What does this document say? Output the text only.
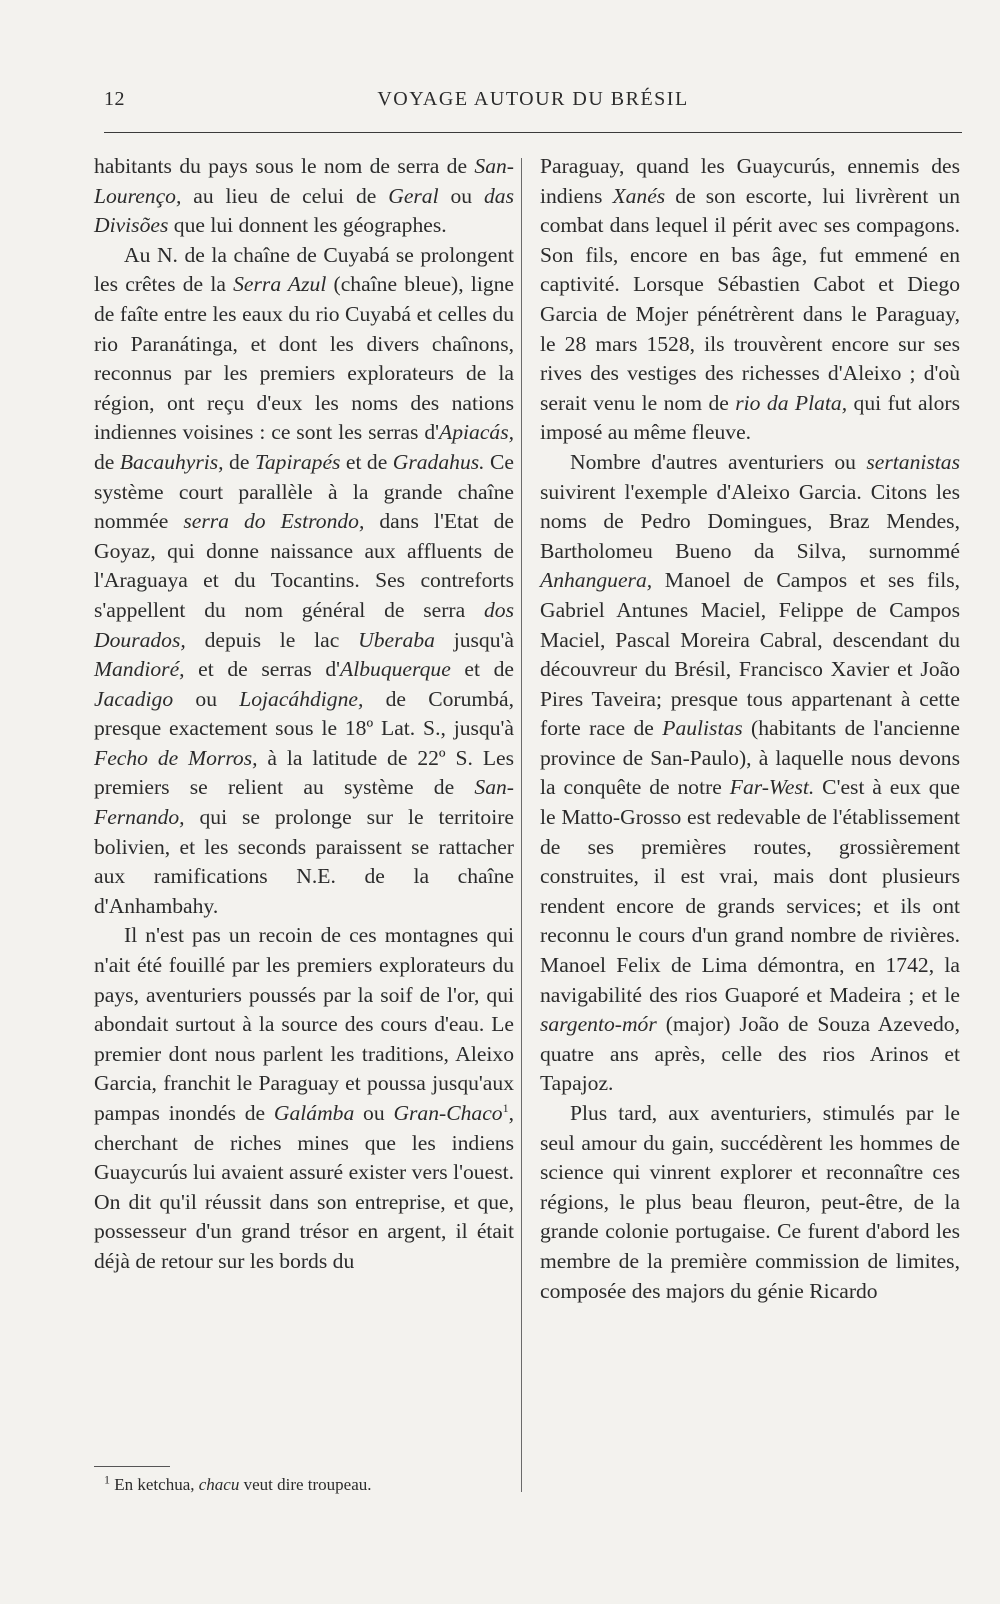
12	VOYAGE AUTOUR DU BRÉSIL

habitants du pays sous le nom de serra de San-Lourenço, au lieu de celui de Geral ou das Divisões que lui donnent les géographes.

Au N. de la chaîne de Cuyabá se prolongent les crêtes de la Serra Azul (chaîne bleue), ligne de faîte entre les eaux du rio Cuyabá et celles du rio Paranátinga, et dont les divers chaînons, reconnus par les premiers explorateurs de la région, ont reçu d'eux les noms des nations indiennes voisines : ce sont les serras d'Apiacás, de Bacauhyris, de Tapirapés et de Gradahus. Ce système court parallèle à la grande chaîne nommée serra do Estrondo, dans l'Etat de Goyaz, qui donne naissance aux affluents de l'Araguaya et du Tocantins. Ses contreforts s'appellent du nom général de serra dos Dourados, depuis le lac Uberaba jusqu'à Mandioré, et de serras d'Albuquerque et de Jacadigo ou Lojacáhdigne, de Corumbá, presque exactement sous le 18º Lat. S., jusqu'à Fecho de Morros, à la latitude de 22º S. Les premiers se relient au système de San-Fernando, qui se prolonge sur le territoire bolivien, et les seconds paraissent se rattacher aux ramifications N.E. de la chaîne d'Anhambahy.

Il n'est pas un recoin de ces montagnes qui n'ait été fouillé par les premiers explorateurs du pays, aventuriers poussés par la soif de l'or, qui abondait surtout à la source des cours d'eau. Le premier dont nous parlent les traditions, Aleixo Garcia, franchit le Paraguay et poussa jusqu'aux pampas inondés de Galámba ou Gran-Chaco$^1$, cherchant de riches mines que les indiens Guaycurús lui avaient assuré exister vers l'ouest. On dit qu'il réussit dans son entreprise, et que, possesseur d'un grand trésor en argent, il était déjà de retour sur les bords du

Paraguay, quand les Guaycurús, ennemis des indiens Xanés de son escorte, lui livrèrent un combat dans lequel il périt avec ses compagons. Son fils, encore en bas âge, fut emmené en captivité. Lorsque Sébastien Cabot et Diego Garcia de Mojer pénétrèrent dans le Paraguay, le 28 mars 1528, ils trouvèrent encore sur ses rives des vestiges des richesses d'Aleixo ; d'où serait venu le nom de rio da Plata, qui fut alors imposé au même fleuve.

Nombre d'autres aventuriers ou sertanistas suivirent l'exemple d'Aleixo Garcia. Citons les noms de Pedro Domingues, Braz Mendes, Bartholomeu Bueno da Silva, surnommé Anhanguera, Manoel de Campos et ses fils, Gabriel Antunes Maciel, Felippe de Campos Maciel, Pascal Moreira Cabral, descendant du découvreur du Brésil, Francisco Xavier et João Pires Taveira; presque tous appartenant à cette forte race de Paulistas (habitants de l'ancienne province de San-Paulo), à laquelle nous devons la conquête de notre Far-West. C'est à eux que le Matto-Grosso est redevable de l'établissement de ses premières routes, grossièrement construites, il est vrai, mais dont plusieurs rendent encore de grands services; et ils ont reconnu le cours d'un grand nombre de rivières. Manoel Felix de Lima démontra, en 1742, la navigabilité des rios Guaporé et Madeira ; et le sargento-mór (major) João de Souza Azevedo, quatre ans après, celle des rios Arinos et Tapajoz.

Plus tard, aux aventuriers, stimulés par le seul amour du gain, succédèrent les hommes de science qui vinrent explorer et reconnaître ces régions, le plus beau fleuron, peut-être, de la grande colonie portugaise. Ce furent d'abord les membre de la première commission de limites, composée des majors du génie Ricardo

$^1$ En ketchua, chacu veut dire troupeau.
